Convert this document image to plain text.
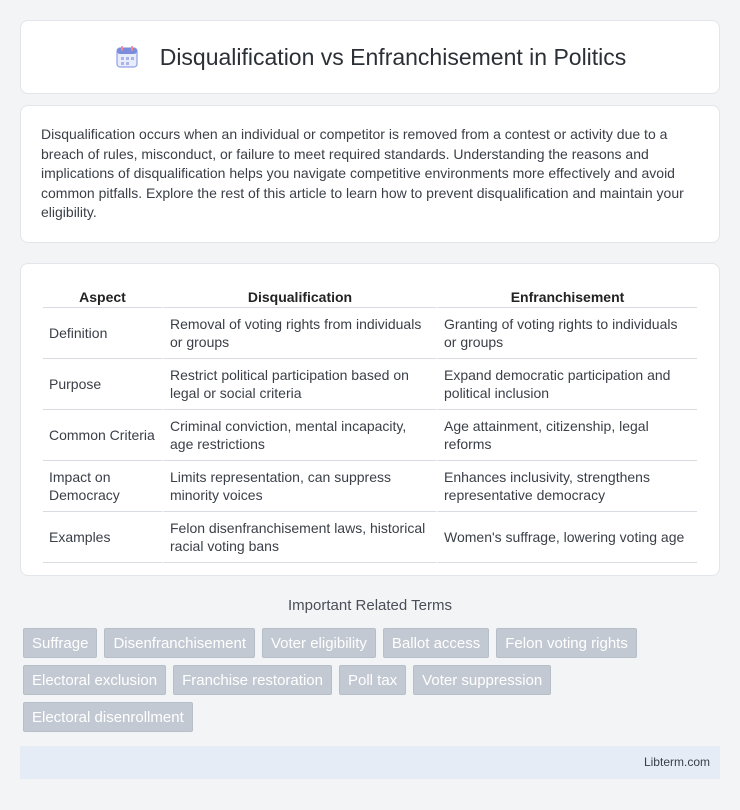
Disqualification vs Enfranchisement in Politics

Disqualification occurs when an individual or competitor is removed from a contest or activity due to a breach of rules, misconduct, or failure to meet required standards. Understanding the reasons and implications of disqualification helps you navigate competitive environments more effectively and avoid common pitfalls. Explore the rest of this article to learn how to prevent disqualification and maintain your eligibility.

Aspect	Disqualification	Enfranchisement
Definition	Removal of voting rights from individuals or groups	Granting of voting rights to individuals or groups
Purpose	Restrict political participation based on legal or social criteria	Expand democratic participation and political inclusion
Common Criteria	Criminal conviction, mental incapacity, age restrictions	Age attainment, citizenship, legal reforms
Impact on Democracy	Limits representation, can suppress minority voices	Enhances inclusivity, strengthens representative democracy
Examples	Felon disenfranchisement laws, historical racial voting bans	Women's suffrage, lowering voting age
Important Related Terms
Suffrage	Disenfranchisement	Voter eligibility	Ballot access	Felon voting rights
Electoral exclusion	Franchise restoration	Poll tax	Voter suppression
Electoral disenrollment
Libterm.com
